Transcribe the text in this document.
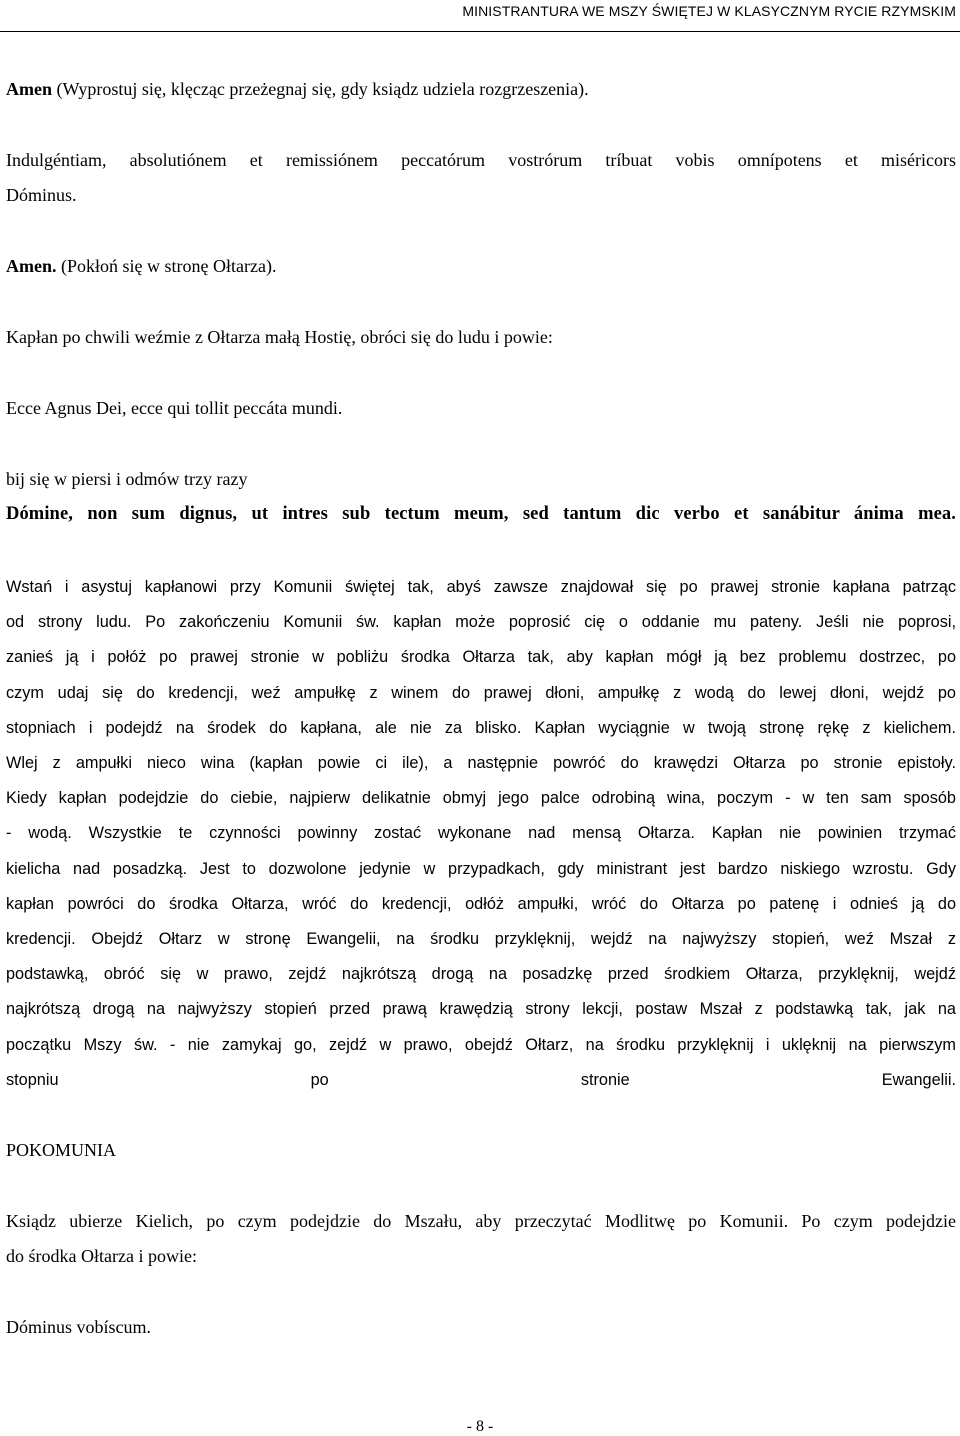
MINISTRANTURA WE MSZY ŚWIĘTEJ W KLASYCZNYM RYCIE RZYMSKIM

Amen (Wyprostuj się, klęcząc przeżegnaj się, gdy ksiądz udziela rozgrzeszenia).

Indulgéntiam, absolutiónem et remissiónem peccatórum vostrórum tríbuat vobis omnípotens et miséricors

Dóminus.

Amen. (Pokłoń się w stronę Ołtarza).

Kapłan po chwili weźmie z Ołtarza małą Hostię, obróci się do ludu i powie:

Ecce Agnus Dei, ecce qui tollit peccáta mundi.

bij się w piersi i odmów trzy razy

Dómine, non sum dignus, ut intres sub tectum meum, sed tantum dic verbo et sanábitur ánima mea.

Wstań i asystuj kapłanowi przy Komunii świętej tak, abyś zawsze znajdował się po prawej stronie kapłana patrząc
od strony ludu. Po zakończeniu Komunii św. kapłan może poprosić cię o oddanie mu pateny. Jeśli nie poprosi,
zanieś ją i połóż po prawej stronie w pobliżu środka Ołtarza tak, aby kapłan mógł ją bez problemu dostrzec, po
czym udaj się do kredencji, weź ampułkę z winem do prawej dłoni, ampułkę z wodą do lewej dłoni, wejdź po
stopniach i podejdź na środek do kapłana, ale nie za blisko. Kapłan wyciągnie w twoją stronę rękę z kielichem.
Wlej z ampułki nieco wina (kapłan powie ci ile), a następnie powróć do krawędzi Ołtarza po stronie epistoły.
Kiedy kapłan podejdzie do ciebie, najpierw delikatnie obmyj jego palce odrobiną wina, poczym - w ten sam sposób
- wodą. Wszystkie te czynności powinny zostać wykonane nad mensą Ołtarza. Kapłan nie powinien trzymać
kielicha nad posadzką. Jest to dozwolone jedynie w przypadkach, gdy ministrant jest bardzo niskiego wzrostu. Gdy
kapłan powróci do środka Ołtarza, wróć do kredencji, odłóż ampułki, wróć do Ołtarza po patenę i odnieś ją do
kredencji. Obejdź Ołtarz w stronę Ewangelii, na środku przyklęknij, wejdź na najwyższy stopień, weź Mszał z
podstawką, obróć się w prawo, zejdź najkrótszą drogą na posadzkę przed środkiem Ołtarza, przyklęknij, wejdź
najkrótszą drogą na najwyższy stopień przed prawą krawędzią strony lekcji, postaw Mszał z podstawką tak, jak na
początku Mszy św. - nie zamykaj go, zejdź w prawo, obejdź Ołtarz, na środku przyklęknij i uklęknij na pierwszym
stopniu po stronie Ewangelii.

POKOMUNIA

Ksiądz ubierze Kielich, po czym podejdzie do Mszału, aby przeczytać Modlitwę po Komunii. Po czym podejdzie

do środka Ołtarza i powie:

Dóminus vobíscum.

- 8 -
